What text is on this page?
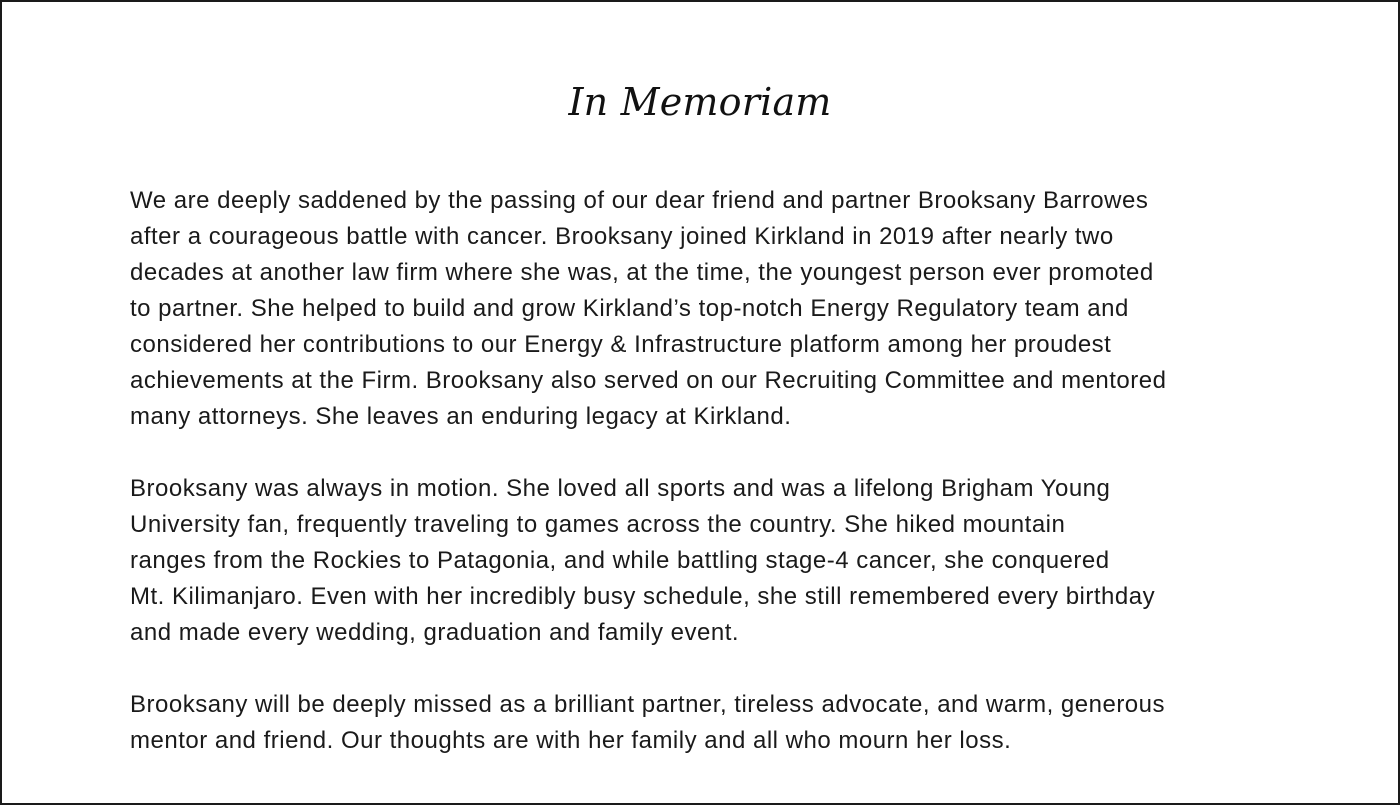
In Memoriam

We are deeply saddened by the passing of our dear friend and partner Brooksany Barrowes
after a courageous battle with cancer. Brooksany joined Kirkland in 2019 after nearly two
decades at another law firm where she was, at the time, the youngest person ever promoted
to partner. She helped to build and grow Kirkland’s top-notch Energy Regulatory team and
considered her contributions to our Energy & Infrastructure platform among her proudest
achievements at the Firm. Brooksany also served on our Recruiting Committee and mentored
many attorneys. She leaves an enduring legacy at Kirkland.

Brooksany was always in motion. She loved all sports and was a lifelong Brigham Young
University fan, frequently traveling to games across the country. She hiked mountain
ranges from the Rockies to Patagonia, and while battling stage-4 cancer, she conquered
Mt. Kilimanjaro. Even with her incredibly busy schedule, she still remembered every birthday
and made every wedding, graduation and family event.

Brooksany will be deeply missed as a brilliant partner, tireless advocate, and warm, generous
mentor and friend. Our thoughts are with her family and all who mourn her loss.
